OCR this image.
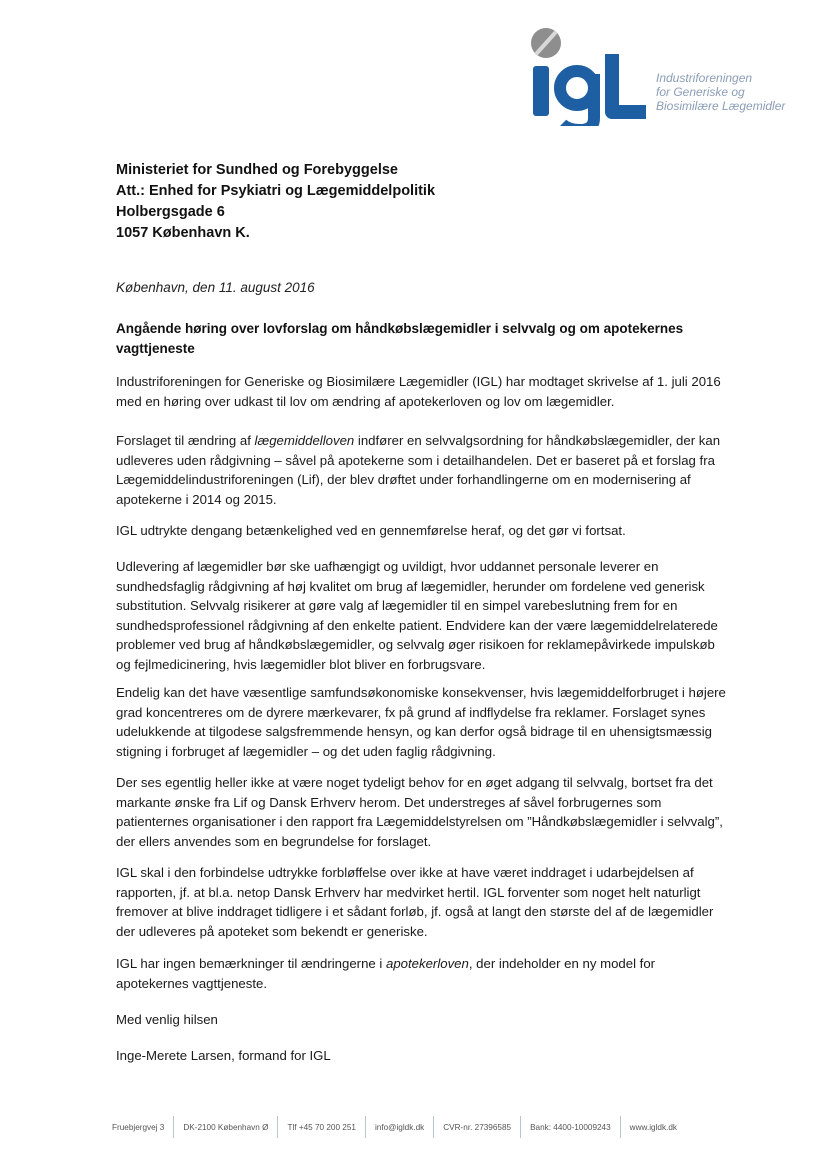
Industriforeningen
for Generiske og
Biosimilære Lægemidler
Ministeriet for Sundhed og Forebyggelse
Att.: Enhed for Psykiatri og Lægemiddelpolitik
Holbergsgade 6
1057 København K.
København, den 11. august 2016
Angående høring over lovforslag om håndkøbslægemidler i selvvalg og om apotekernes vagttjeneste
Industriforeningen for Generiske og Biosimilære Lægemidler (IGL) har modtaget skrivelse af 1. juli 2016 med en høring over udkast til lov om ændring af apotekerloven og lov om lægemidler.
Forslaget til ændring af lægemiddelloven indfører en selvvalgsordning for håndkøbslægemidler, der kan udleveres uden rådgivning – såvel på apotekerne som i detailhandelen. Det er baseret på et forslag fra Lægemiddelindustriforeningen (Lif), der blev drøftet under forhandlingerne om en modernisering af apotekerne i 2014 og 2015.
IGL udtrykte dengang betænkelighed ved en gennemførelse heraf, og det gør vi fortsat.
Udlevering af lægemidler bør ske uafhængigt og uvildigt, hvor uddannet personale leverer en sundhedsfaglig rådgivning af høj kvalitet om brug af lægemidler, herunder om fordelene ved generisk substitution. Selvvalg risikerer at gøre valg af lægemidler til en simpel varebeslutning frem for en sundhedsprofessionel rådgivning af den enkelte patient. Endvidere kan der være lægemiddelrelaterede problemer ved brug af håndkøbslægemidler, og selvvalg øger risikoen for reklamepåvirkede impulskøb og fejlmedicinering, hvis lægemidler blot bliver en forbrugsvare.
Endelig kan det have væsentlige samfundsøkonomiske konsekvenser, hvis lægemiddelforbruget i højere grad koncentreres om de dyrere mærkevarer, fx på grund af indflydelse fra reklamer. Forslaget synes udelukkende at tilgodese salgsfremmende hensyn, og kan derfor også bidrage til en uhensigtsmæssig stigning i forbruget af lægemidler – og det uden faglig rådgivning.
Der ses egentlig heller ikke at være noget tydeligt behov for en øget adgang til selvvalg, bortset fra det markante ønske fra Lif og Dansk Erhverv herom. Det understreges af såvel forbrugernes som patienternes organisationer i den rapport fra Lægemiddelstyrelsen om ”Håndkøbslægemidler i selvvalg”, der ellers anvendes som en begrundelse for forslaget.
IGL skal i den forbindelse udtrykke forbløffelse over ikke at have været inddraget i udarbejdelsen af rapporten, jf. at bl.a. netop Dansk Erhverv har medvirket hertil. IGL forventer som noget helt naturligt fremover at blive inddraget tidligere i et sådant forløb, jf. også at langt den største del af de lægemidler der udleveres på apoteket som bekendt er generiske.
IGL har ingen bemærkninger til ændringerne i apotekerloven, der indeholder en ny model for apotekernes vagttjeneste.
Med venlig hilsen
Inge-Merete Larsen, formand for IGL
Fruebjergvej 3	DK-2100 København Ø	Tlf +45 70 200 251	info@igldk.dk	CVR-nr. 27396585	Bank: 4400-10009243	www.igldk.dk
